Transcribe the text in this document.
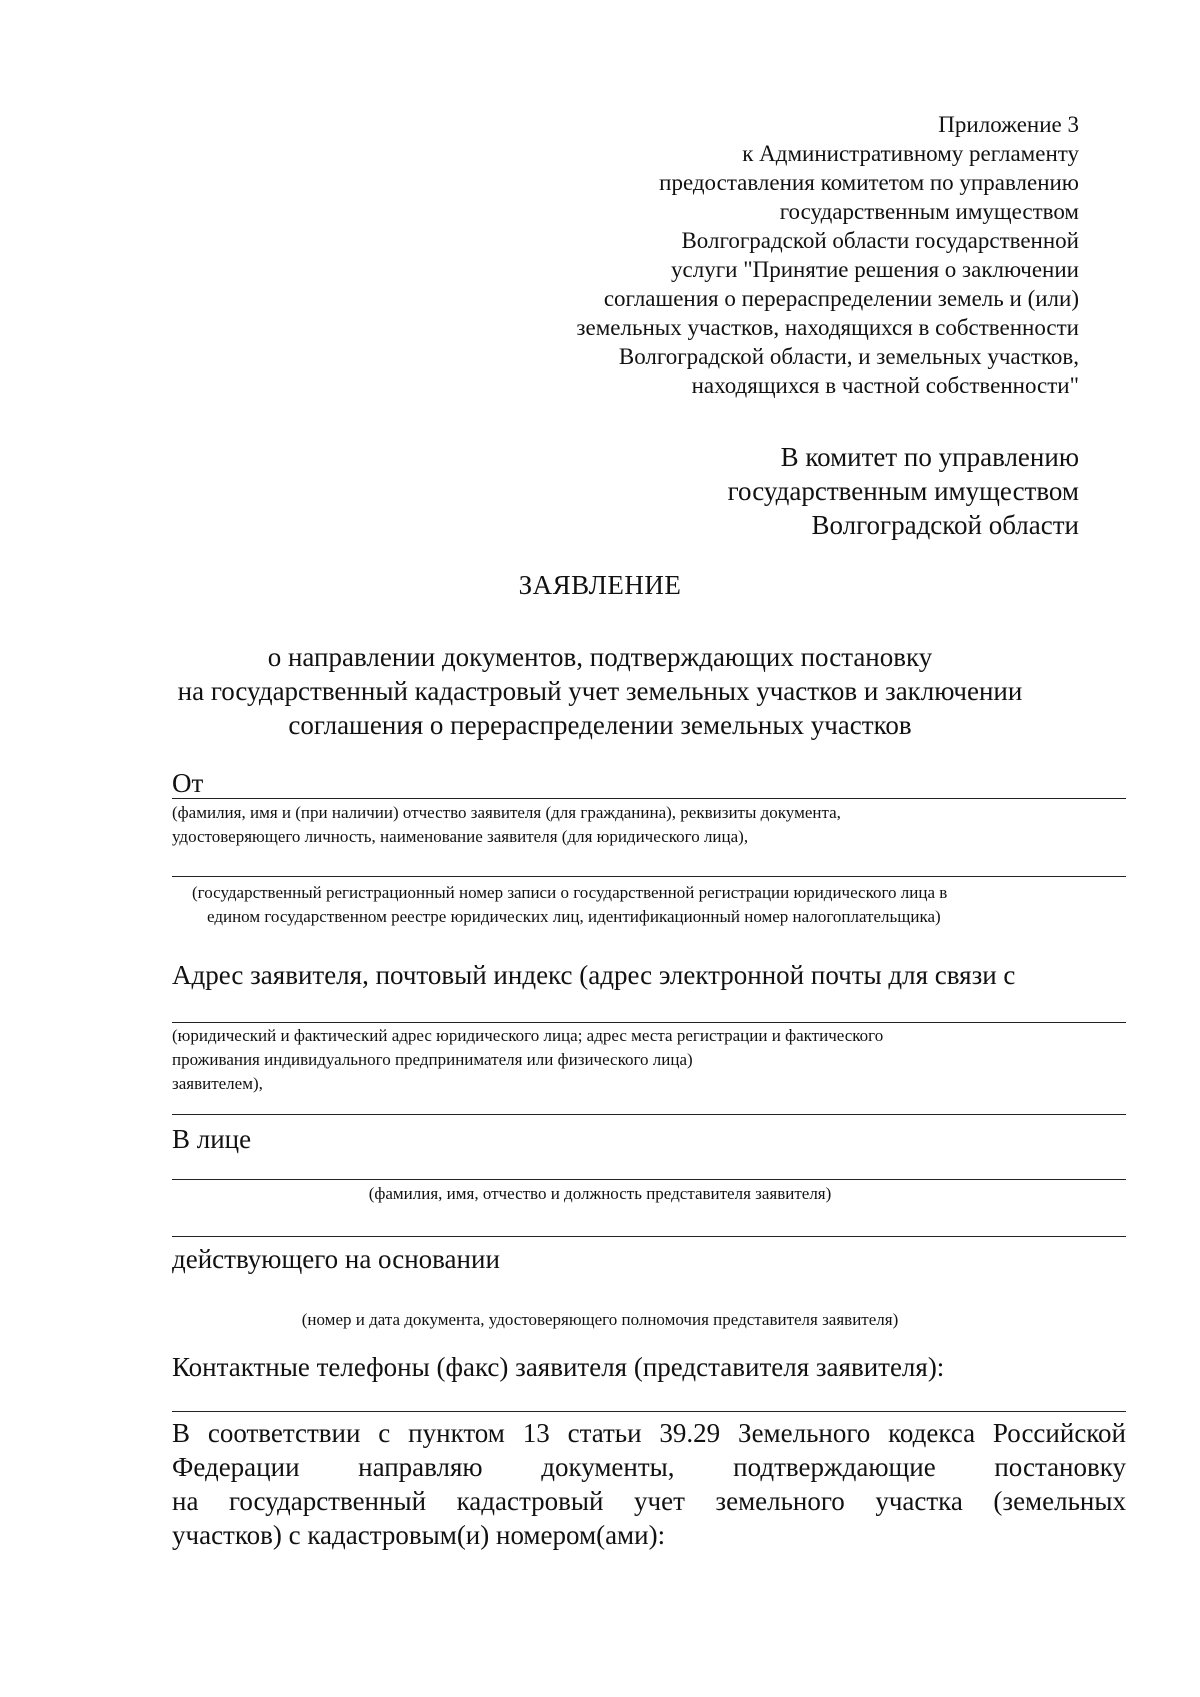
Приложение 3
к Административному регламенту
предоставления комитетом по управлению
государственным имуществом
Волгоградской области государственной
услуги "Принятие решения о заключении
соглашения о перераспределении земель и (или)
земельных участков, находящихся в собственности
Волгоградской области, и земельных участков,
находящихся в частной собственности"
В комитет по управлению
государственным имуществом
Волгоградской области
ЗАЯВЛЕНИЕ
о направлении документов, подтверждающих постановку
на государственный кадастровый учет земельных участков и заключении
соглашения о перераспределении земельных участков
От
(фамилия, имя и (при наличии) отчество заявителя (для гражданина), реквизиты документа,
удостоверяющего личность, наименование заявителя (для юридического лица),
(государственный регистрационный номер записи о государственной регистрации юридического лица в
едином государственном реестре юридических лиц, идентификационный номер налогоплательщика)
Адрес заявителя, почтовый индекс (адрес электронной почты для связи с
(юридический и фактический адрес юридического лица; адрес места регистрации и фактического
проживания индивидуального предпринимателя или физического лица)
заявителем),
В лице
(фамилия, имя, отчество и должность представителя заявителя)
действующего на основании
(номер и дата документа, удостоверяющего полномочия представителя заявителя)
Контактные телефоны (факс) заявителя (представителя заявителя):
В соответствии с пунктом 13 статьи 39.29 Земельного кодекса Российской
Федерации направляю документы, подтверждающие постановку
на государственный кадастровый учет земельного участка (земельных
участков) с кадастровым(и) номером(ами):
